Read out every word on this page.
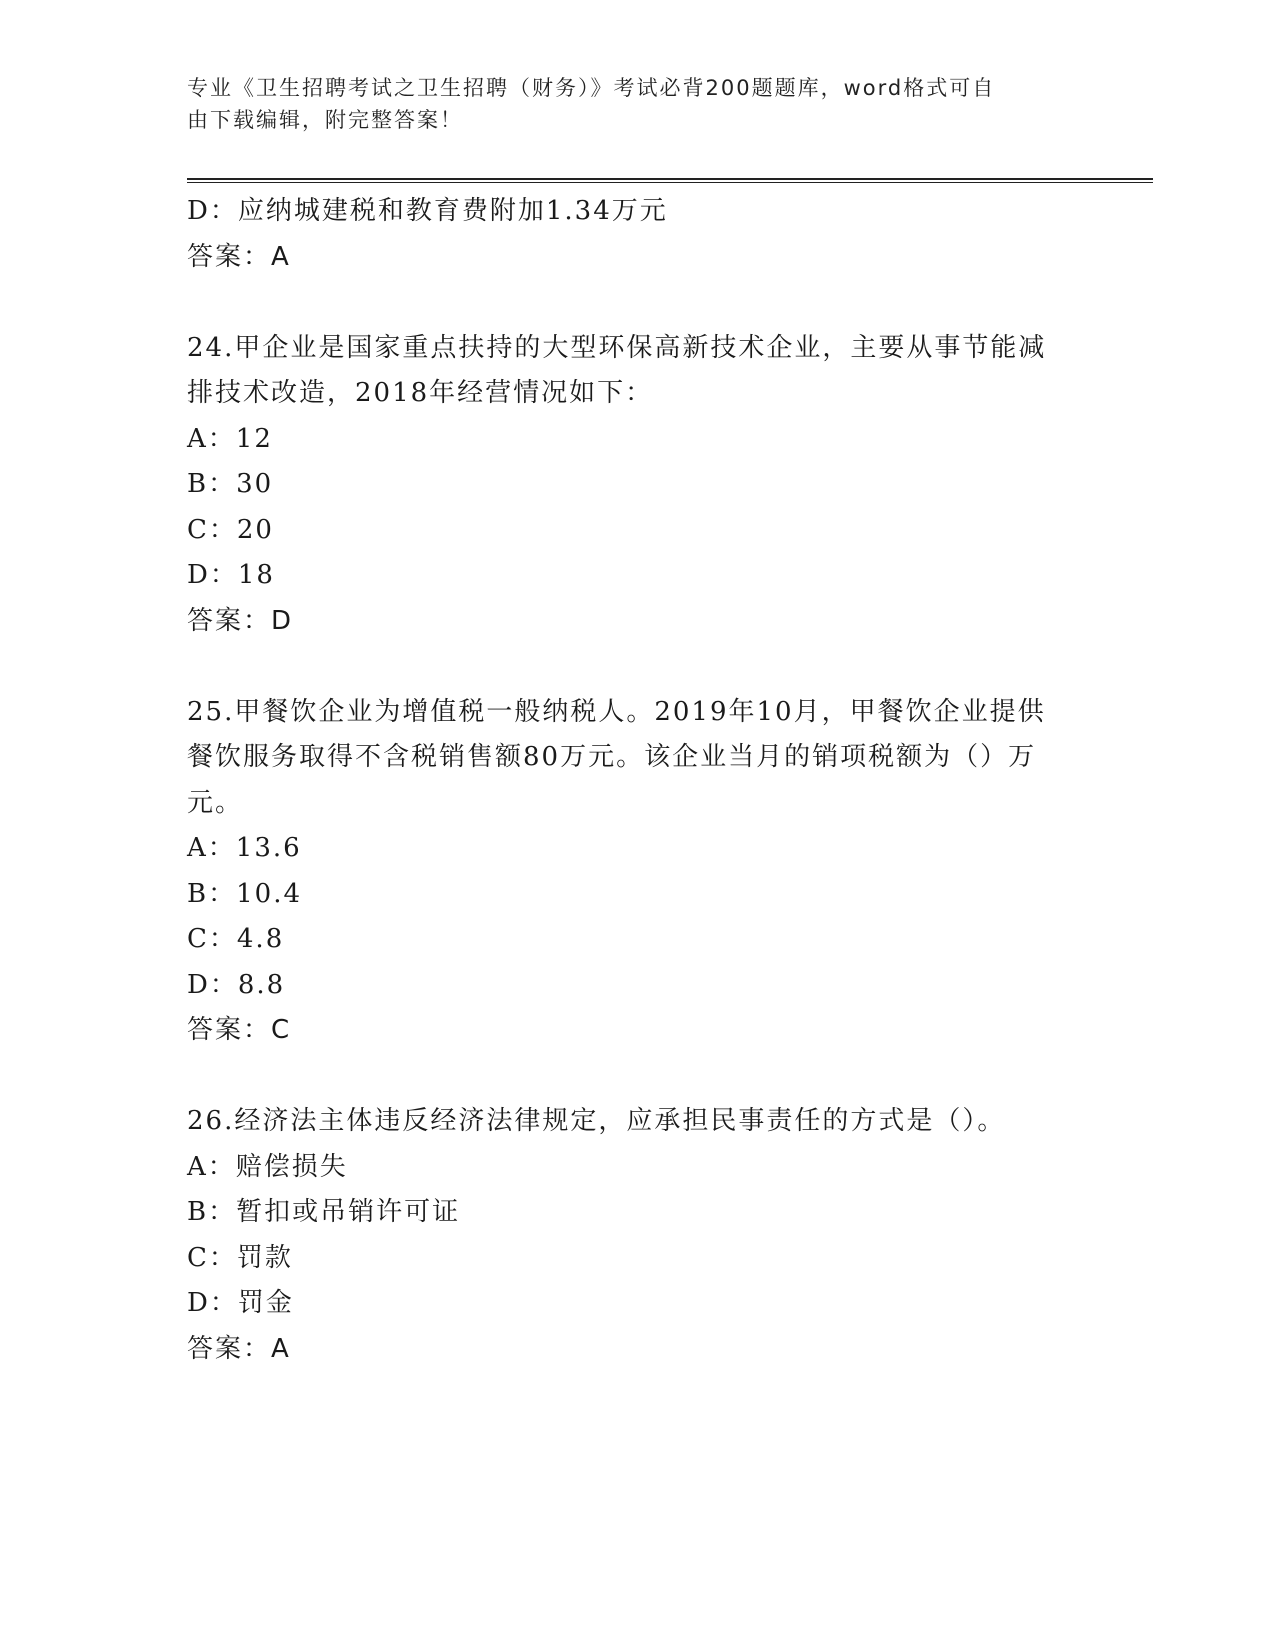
专业《卫生招聘考试之卫生招聘（财务）》考试必背200题题库，word格式可自
由下载编辑，附完整答案！
D：应纳城建税和教育费附加1.34万元
答案：A
24.甲企业是国家重点扶持的大型环保高新技术企业，主要从事节能减
排技术改造，2018年经营情况如下：
A：12
B：30
C：20
D：18
答案：D
25.甲餐饮企业为增值税一般纳税人。2019年10月，甲餐饮企业提供
餐饮服务取得不含税销售额80万元。该企业当月的销项税额为（）万
元。
A：13.6
B：10.4
C：4.8
D：8.8
答案：C
26.经济法主体违反经济法律规定，应承担民事责任的方式是（）。
A：赔偿损失
B：暂扣或吊销许可证
C：罚款
D：罚金
答案：A
